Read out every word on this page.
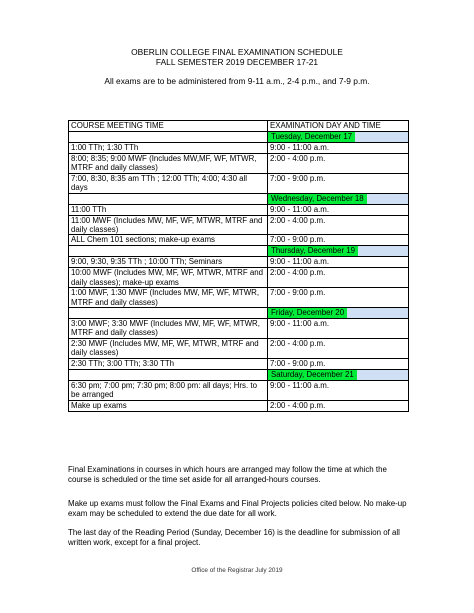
OBERLIN COLLEGE FINAL EXAMINATION SCHEDULE
FALL SEMESTER 2019 DECEMBER 17-21
All exams are to be administered from 9-11 a.m., 2-4 p.m., and 7-9 p.m.
COURSE MEETING TIME	EXAMINATION DAY AND TIME

	Tuesday, December 17

1:00 TTh; 1:30 TTh	9:00 - 11:00 a.m.
8:00; 8:35; 9:00 MWF (Includes MW,MF, WF, MTWR, MTRF and daily classes)	2:00 - 4:00 p.m.
7:00, 8:30, 8:35 am TTh ; 12:00 TTh; 4:00; 4:30 all days	7:00 - 9:00 p.m.

	Wednesday, December 18

11:00 TTh	9:00 - 11:00 a.m.
11:00 MWF (Includes MW, MF, WF, MTWR, MTRF and daily classes)	2:00 - 4:00 p.m.
ALL Chem 101 sections; make-up exams	7:00 - 9:00 p.m.

	Thursday, December 19

9:00, 9:30, 9:35 TTh ; 10:00 TTh; Seminars	9:00 - 11:00 a.m.
10:00 MWF (Includes MW, MF, WF, MTWR, MTRF and daily classes); make-up exams	2:00 - 4:00 p.m.
1:00 MWF, 1:30 MWF (Includes MW, MF, WF, MTWR, MTRF and daily classes)	7:00 - 9:00 p.m.

	Friday, December 20

3:00 MWF; 3:30 MWF (Includes MW, MF, WF, MTWR, MTRF and daily classes)	9:00 - 11:00 a.m.
2:30 MWF (Includes MW, MF, WF, MTWR, MTRF and daily classes)	2:00 - 4:00 p.m.
2:30 TTh; 3:00 TTh; 3:30 TTh	7:00 - 9:00 p.m.

	Saturday, December 21

6:30 pm; 7:00 pm; 7:30 pm; 8:00 pm: all days; Hrs. to be arranged	9:00 - 11:00 a.m.
Make up exams	2:00 - 4:00 p.m.
Final Examinations in courses in which hours are arranged may follow the time at which the course is scheduled or the time set aside for all arranged-hours courses.
Make up exams must follow the Final Exams and Final Projects policies cited below. No make-up exam may be scheduled to extend the due date for all work.
The last day of the Reading Period (Sunday, December 16) is the deadline for submission of all written work, except for a final project.
Office of the Registrar July 2019
